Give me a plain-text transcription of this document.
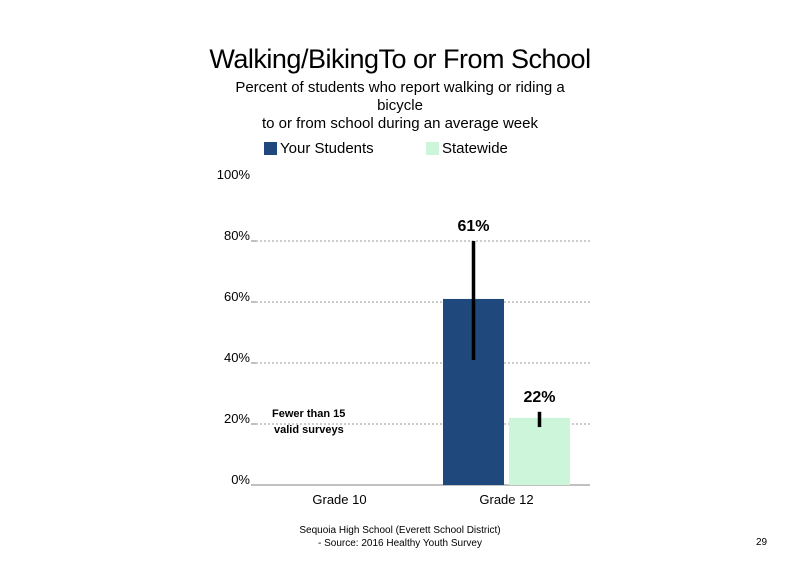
Walking/BikingTo or From School
Percent of students who report walking or riding a
bicycle
to or from school during an average week
Your Students	Statewide
0%
20%
40%
60%
80%
100%
Grade 10	Grade 12
61%
22%
Fewer than 15
valid surveys
Sequoia High School (Everett School District)
- Source: 2016 Healthy Youth Survey	29
